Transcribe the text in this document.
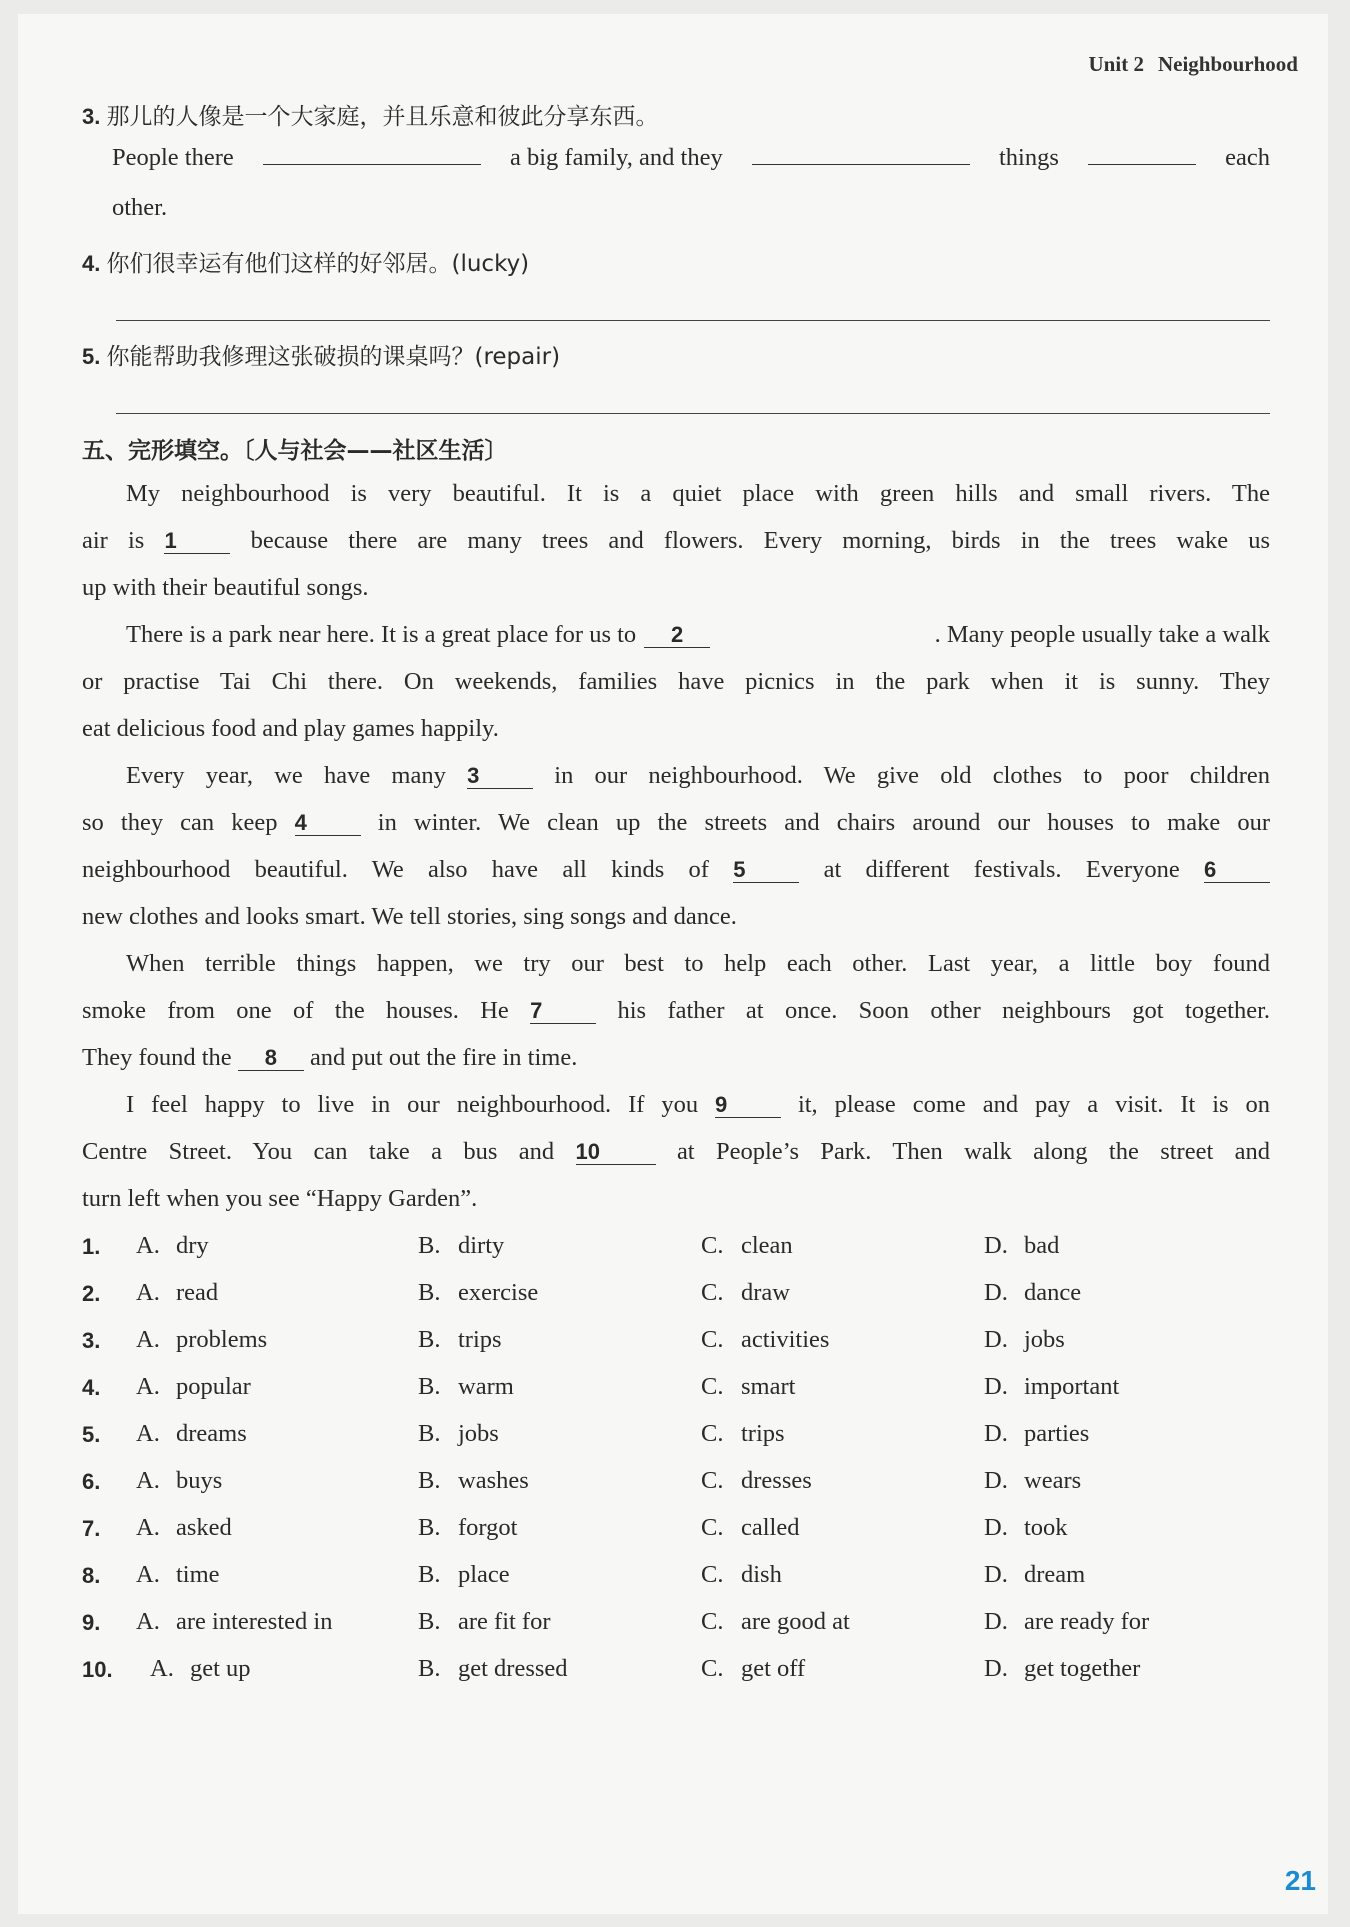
Unit 2 Neighbourhood
3. 那儿的人像是一个大家庭，并且乐意和彼此分享东西。
People there	a big family, and they	things	each
other.
4. 你们很幸运有他们这样的好邻居。(lucky)
5. 你能帮助我修理这张破损的课桌吗？(repair)
五、完形填空。〔人与社会——社区生活〕
My neighbourhood is very beautiful. It is a quiet place with green hills and small rivers. The
air is 1	because there are many trees and flowers. Every morning, birds in the trees wake us
up with their beautiful songs.
There is a park near here. It is a great place for us to	2	. Many people usually take a walk
or practise Tai Chi there. On weekends, families have picnics in the park when it is sunny. They
eat delicious food and play games happily.
Every year, we have many 3	in our neighbourhood. We give old clothes to poor children
so they can keep 4	in winter. We clean up the streets and chairs around our houses to make our
neighbourhood beautiful. We also have all kinds of 5	at different festivals. Everyone 6
new clothes and looks smart. We tell stories, sing songs and dance.
When terrible things happen, we try our best to help each other. Last year, a little boy found
smoke from one of the houses. He 7	his father at once. Soon other neighbours got together.
They found the 8 and put out the fire in time.
I feel happy to live in our neighbourhood. If you 9	it, please come and pay a visit. It is on
Centre Street. You can take a bus and 10	at People’s Park. Then walk along the street and
turn left when you see “Happy Garden”.
1. A. dry	B. dirty	C. clean	D. bad
2. A. read	B. exercise	C. draw	D. dance
3. A. problems	B. trips	C. activities	D. jobs
4. A. popular	B. warm	C. smart	D. important
5. A. dreams	B. jobs	C. trips	D. parties
6. A. buys	B. washes	C. dresses	D. wears
7. A. asked	B. forgot	C. called	D. took
8. A. time	B. place	C. dish	D. dream
9. A. are interested in	B. are fit for	C. are good at	D. are ready for
10. A. get up	B. get dressed	C. get off	D. get together
21
